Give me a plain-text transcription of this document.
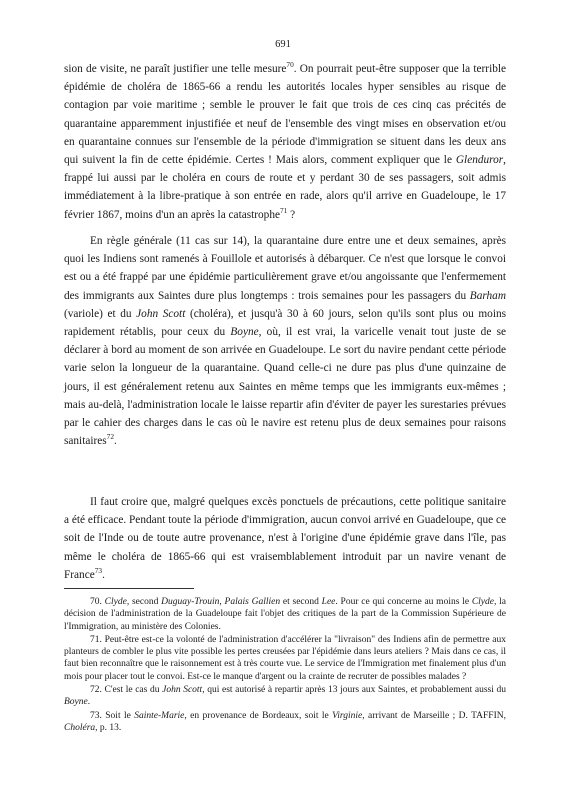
691

sion de visite, ne paraît justifier une telle mesure$^{70}$. On pourrait peut-être supposer que la terrible épidémie de choléra de 1865-66 a rendu les autorités locales hyper sensibles au risque de contagion par voie maritime ; semble le prouver le fait que trois de ces cinq cas précités de quarantaine apparemment injustifiée et neuf de l'ensemble des vingt mises en observation et/ou en quarantaine connues sur l'ensemble de la période d'immigration se situent dans les deux ans qui suivent la fin de cette épidémie. Certes ! Mais alors, comment expliquer que le Glenduror, frappé lui aussi par le choléra en cours de route et y perdant 30 de ses passagers, soit admis immédiatement à la libre-pratique à son entrée en rade, alors qu'il arrive en Guadeloupe, le 17 février 1867, moins d'un an après la catastrophe$^{71}$ ?

En règle générale (11 cas sur 14), la quarantaine dure entre une et deux semaines, après quoi les Indiens sont ramenés à Fouillole et autorisés à débarquer. Ce n'est que lorsque le convoi est ou a été frappé par une épidémie particulièrement grave et/ou angoissante que l'enfermement des immigrants aux Saintes dure plus longtemps : trois semaines pour les passagers du Barham (variole) et du John Scott (choléra), et jusqu'à 30 à 60 jours, selon qu'ils sont plus ou moins rapidement rétablis, pour ceux du Boyne, où, il est vrai, la varicelle venait tout juste de se déclarer à bord au moment de son arrivée en Guadeloupe. Le sort du navire pendant cette période varie selon la longueur de la quarantaine. Quand celle-ci ne dure pas plus d'une quinzaine de jours, il est généralement retenu aux Saintes en même temps que les immigrants eux-mêmes ; mais au-delà, l'administration locale le laisse repartir afin d'éviter de payer les surestaries prévues par le cahier des charges dans le cas où le navire est retenu plus de deux semaines pour raisons sanitaires$^{72}$.

Il faut croire que, malgré quelques excès ponctuels de précautions, cette politique sanitaire a été efficace. Pendant toute la période d'immigration, aucun convoi arrivé en Guadeloupe, que ce soit de l'Inde ou de toute autre provenance, n'est à l'origine d'une épidémie grave dans l'île, pas même le choléra de 1865-66 qui est vraisemblablement introduit par un navire venant de France$^{73}$.

70. Clyde, second Duguay-Trouin, Palais Gallien et second Lee. Pour ce qui concerne au moins le Clyde, la décision de l'administration de la Guadeloupe fait l'objet des critiques de la part de la Commission Supérieure de l'Immigration, au ministère des Colonies.

71. Peut-être est-ce la volonté de l'administration d'accélérer la "livraison" des Indiens afin de permettre aux planteurs de combler le plus vite possible les pertes creusées par l'épidémie dans leurs ateliers ? Mais dans ce cas, il faut bien reconnaître que le raisonnement est à très courte vue. Le service de l'Immigration met finalement plus d'un mois pour placer tout le convoi. Est-ce le manque d'argent ou la crainte de recruter de possibles malades ?

72. C'est le cas du John Scott, qui est autorisé à repartir après 13 jours aux Saintes, et probablement aussi du Boyne.

73. Soit le Sainte-Marie, en provenance de Bordeaux, soit le Virginie, arrivant de Marseille ; D. TAFFIN, Choléra, p. 13.
